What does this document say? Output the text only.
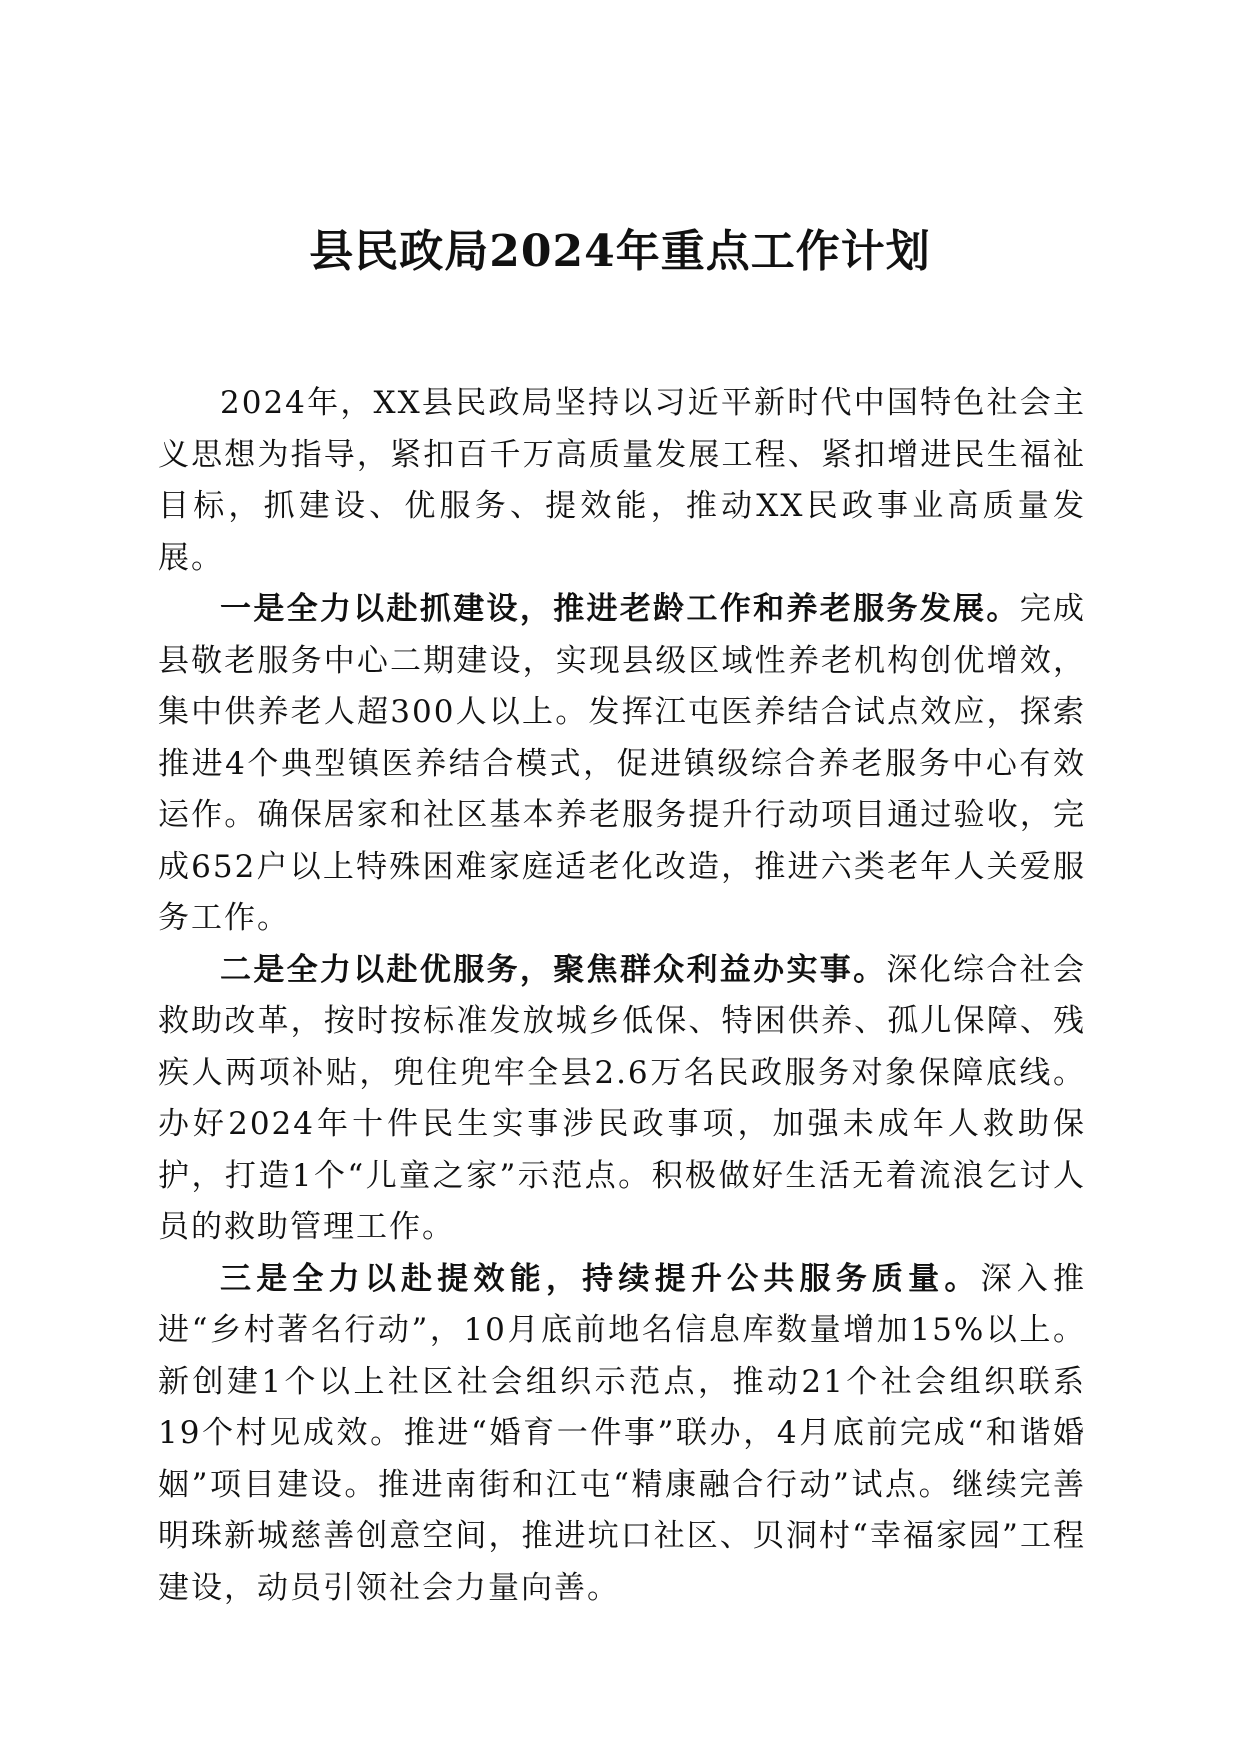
县民政局2024年重点工作计划

2024年，XX县民政局坚持以习近平新时代中国特色社会主义思想为指导，紧扣百千万高质量发展工程、紧扣增进民生福祉目标，抓建设、优服务、提效能，推动XX民政事业高质量发展。

一是全力以赴抓建设，推进老龄工作和养老服务发展。完成县敬老服务中心二期建设，实现县级区域性养老机构创优增效，集中供养老人超300人以上。发挥江屯医养结合试点效应，探索推进4个典型镇医养结合模式，促进镇级综合养老服务中心有效运作。确保居家和社区基本养老服务提升行动项目通过验收，完成652户以上特殊困难家庭适老化改造，推进六类老年人关爱服务工作。

二是全力以赴优服务，聚焦群众利益办实事。深化综合社会救助改革，按时按标准发放城乡低保、特困供养、孤儿保障、残疾人两项补贴，兜住兜牢全县2.6万名民政服务对象保障底线。办好2024年十件民生实事涉民政事项，加强未成年人救助保护，打造1个“儿童之家”示范点。积极做好生活无着流浪乞讨人员的救助管理工作。

三是全力以赴提效能，持续提升公共服务质量。深入推进“乡村著名行动”，10月底前地名信息库数量增加15%以上。新创建1个以上社区社会组织示范点，推动21个社会组织联系19个村见成效。推进“婚育一件事”联办，4月底前完成“和谐婚姻”项目建设。推进南街和江屯“精康融合行动”试点。继续完善明珠新城慈善创意空间，推进坑口社区、贝洞村“幸福家园”工程建设，动员引领社会力量向善。
